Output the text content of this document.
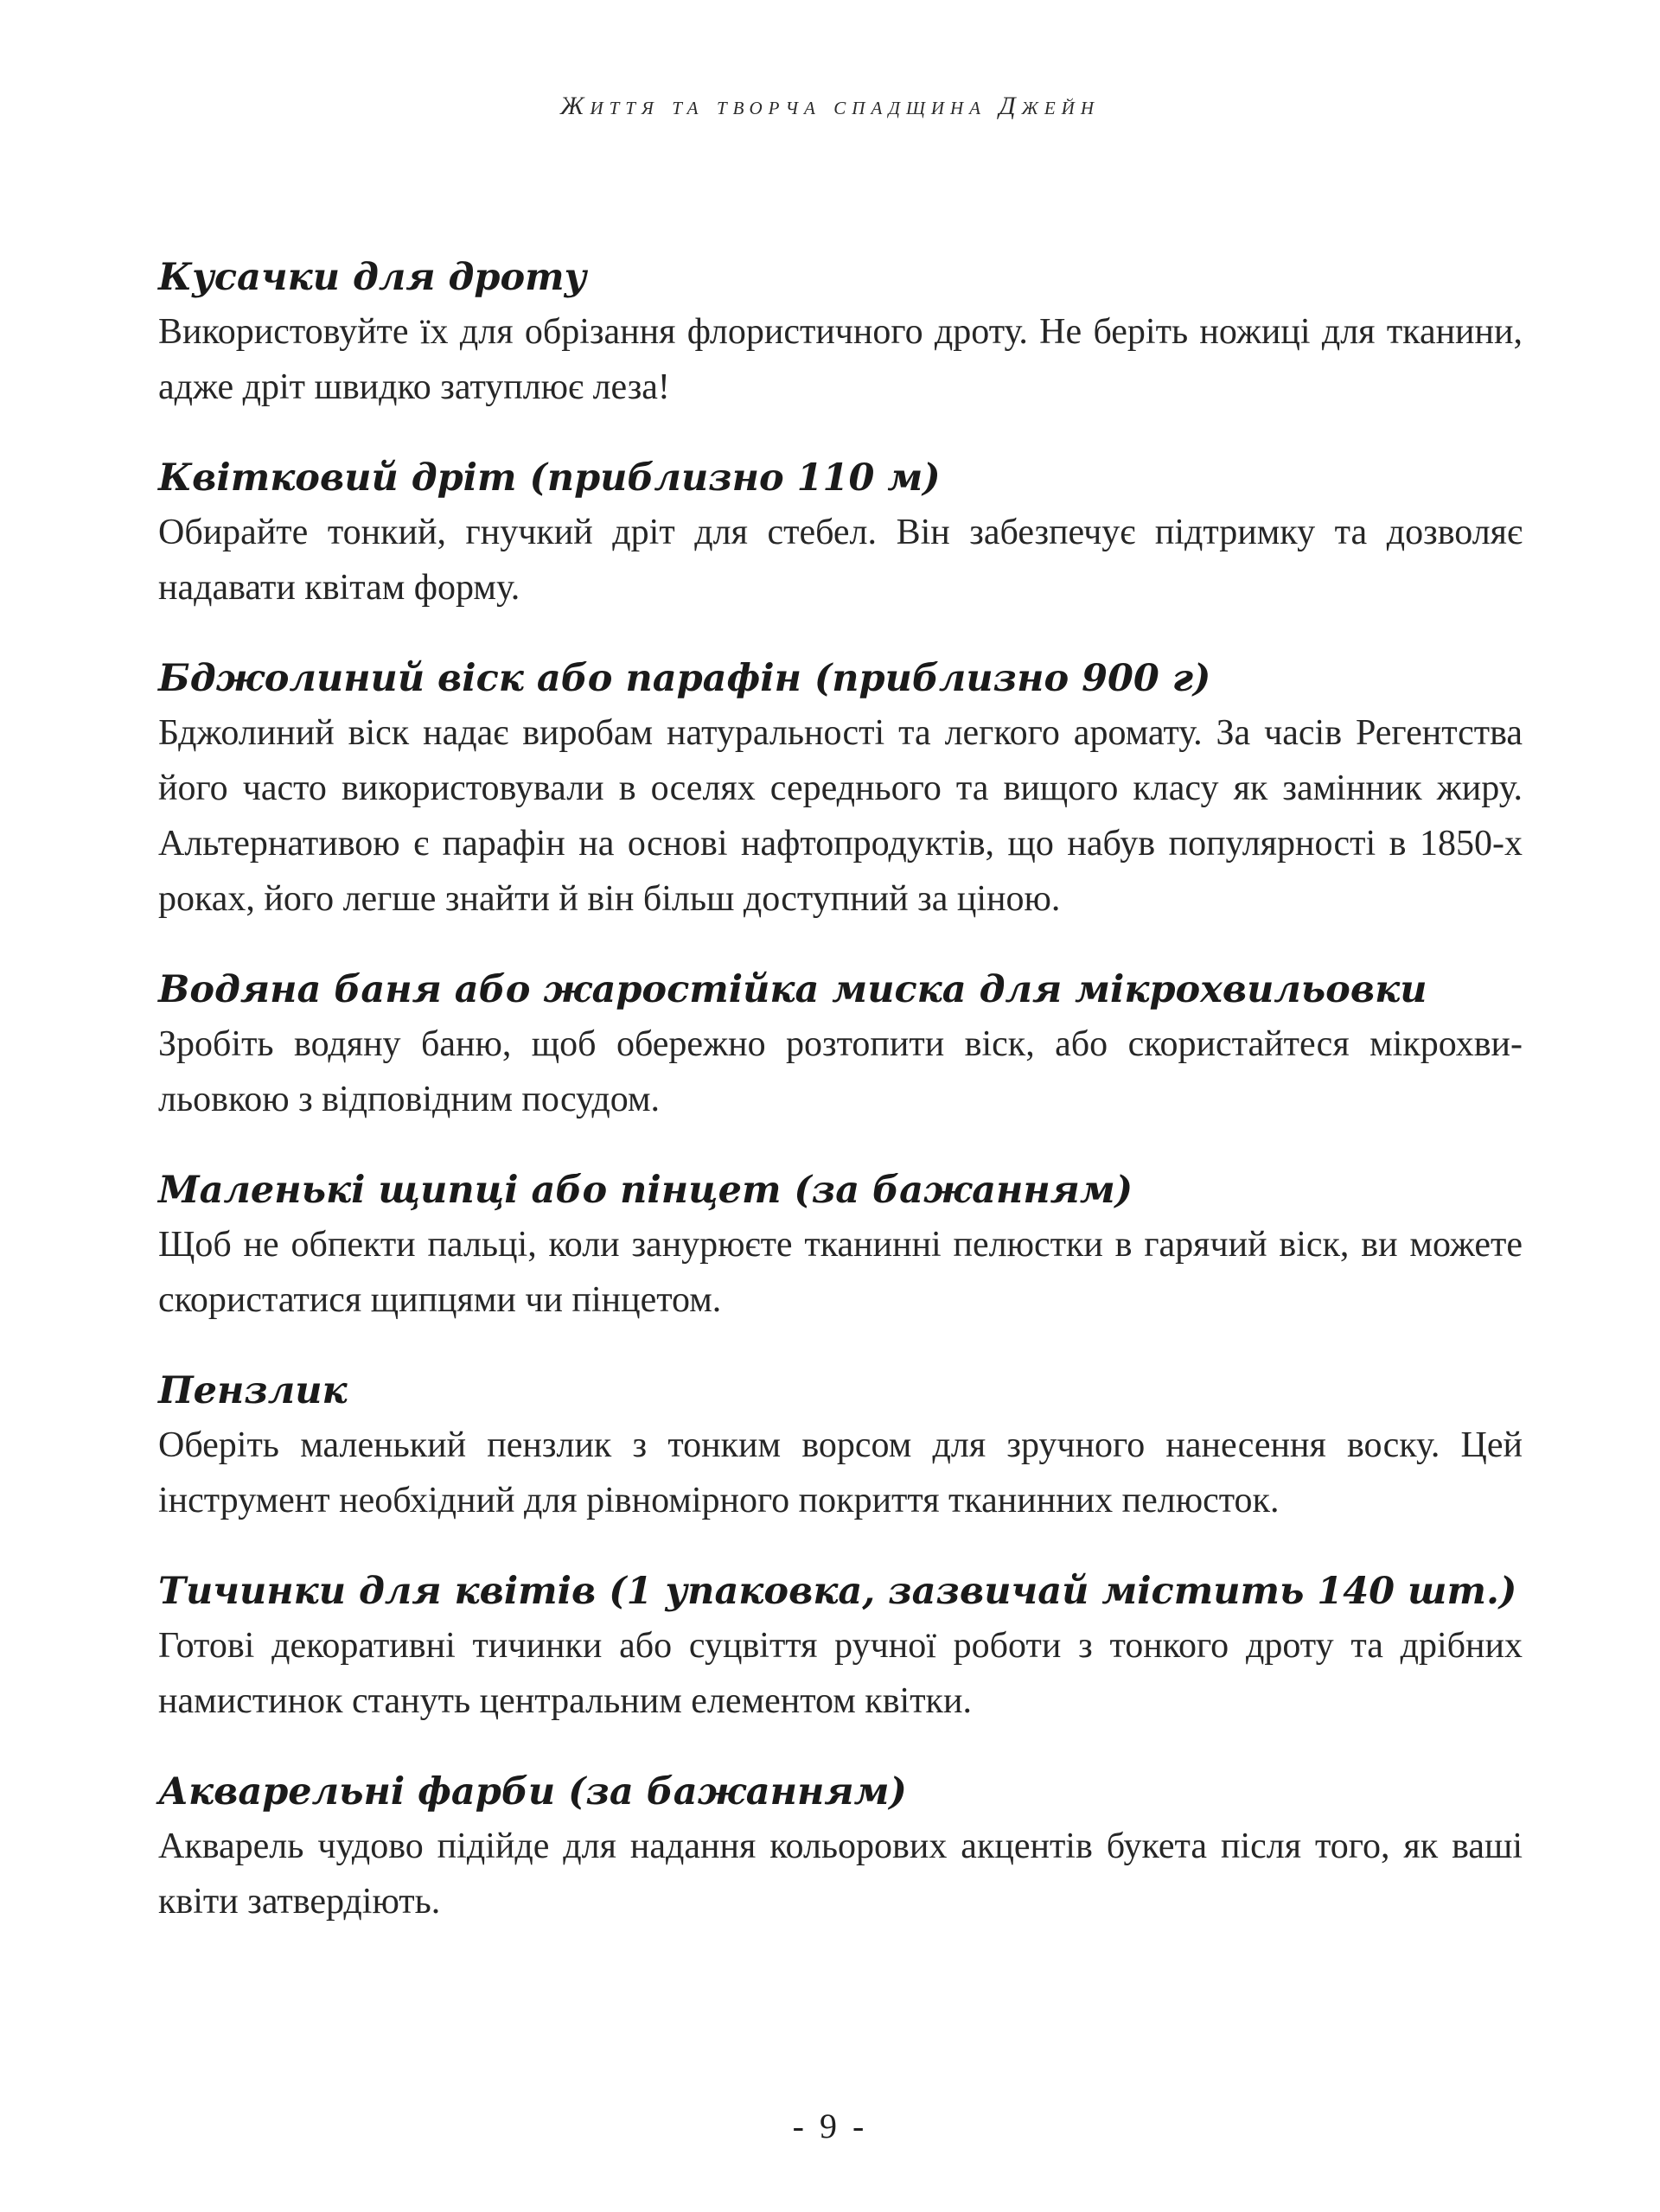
Життя та творча спадщина Джейн
Кусачки для дроту

Використовуйте їх для обрізання флористичного дроту. Не беріть ножиці для тканини, адже дріт швидко затуплює леза!

Квітковий дріт (приблизно 110 м)

Обирайте тонкий, гнучкий дріт для стебел. Він забезпечує підтримку та дозволяє надавати квітам форму.

Бджолиний віск або парафін (приблизно 900 г)

Бджолиний віск надає виробам натуральності та легкого аромату. За часів Регентства його часто використовували в оселях середнього та вищого класу як замінник жиру. Альтернативою є парафін на основі нафтопродуктів, що набув популярності в 1850-х роках, його легше знайти й він більш доступний за ціною.

Водяна баня або жаростійка миска для мікрохвильовки

Зробіть водяну баню, щоб обережно розтопити віск, або скористайтеся мікрохви-льовкою з відповідним посудом.

Маленькі щипці або пінцет (за бажанням)

Щоб не обпекти пальці, коли занурюєте тканинні пелюстки в гарячий віск, ви можете скористатися щипцями чи пінцетом.

Пензлик

Оберіть маленький пензлик з тонким ворсом для зручного нанесення воску. Цей інструмент необхідний для рівномірного покриття тканинних пелюсток.

Тичинки для квітів (1 упаковка, зазвичай містить 140 шт.)

Готові декоративні тичинки або суцвіття ручної роботи з тонкого дроту та дрібних намистинок стануть центральним елементом квітки.

Акварельні фарби (за бажанням)

Акварель чудово підійде для надання кольорових акцентів букета після того, як ваші квіти затвердіють.

- 9 -
